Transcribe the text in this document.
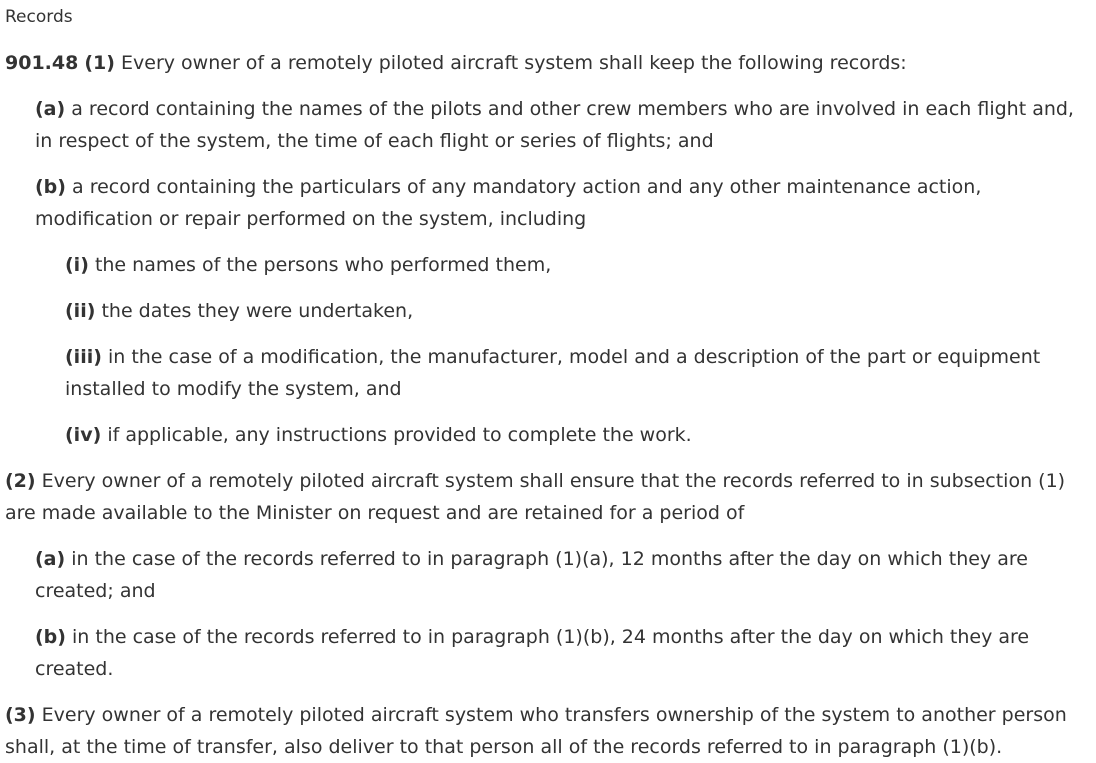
Records

901.48 (1) Every owner of a remotely piloted aircraft system shall keep the following records:

(a) a record containing the names of the pilots and other crew members who are involved in each flight and, in respect of the system, the time of each flight or series of flights; and

(b) a record containing the particulars of any mandatory action and any other maintenance action, modification or repair performed on the system, including

(i) the names of the persons who performed them,

(ii) the dates they were undertaken,

(iii) in the case of a modification, the manufacturer, model and a description of the part or equipment installed to modify the system, and

(iv) if applicable, any instructions provided to complete the work.

(2) Every owner of a remotely piloted aircraft system shall ensure that the records referred to in subsection (1) are made available to the Minister on request and are retained for a period of

(a) in the case of the records referred to in paragraph (1)(a), 12 months after the day on which they are created; and

(b) in the case of the records referred to in paragraph (1)(b), 24 months after the day on which they are created.

(3) Every owner of a remotely piloted aircraft system who transfers ownership of the system to another person shall, at the time of transfer, also deliver to that person all of the records referred to in paragraph (1)(b).
